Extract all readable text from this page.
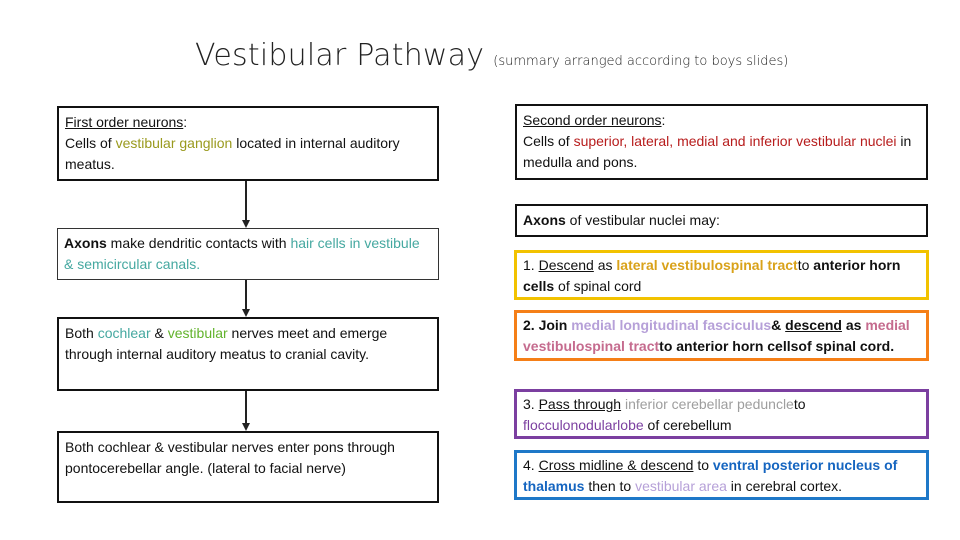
Vestibular Pathway (summary arranged according to boys slides)
First order neurons:
Cells of vestibular ganglion located in internal auditory meatus.
Axons make dendritic contacts with hair cells in vestibule & semicircular canals.
Both cochlear & vestibular nerves meet and emerge through internal auditory meatus to cranial cavity.
Both cochlear & vestibular nerves enter pons through pontocerebellar angle. (lateral to facial nerve)
Second order neurons:
Cells of superior, lateral, medial and inferior vestibular nuclei in medulla and pons.
Axons of vestibular nuclei may:
1. Descend as lateral vestibulospinal tractto anterior horn cells of spinal cord
2. Join medial longitudinal fasciculus& descend as medial vestibulospinal tractto anterior horn cellsof spinal cord.
3. Pass through inferior cerebellar peduncleto flocculonodularlobe of cerebellum
4. Cross midline & descend to ventral posterior nucleus of thalamus then to vestibular area in cerebral cortex.
